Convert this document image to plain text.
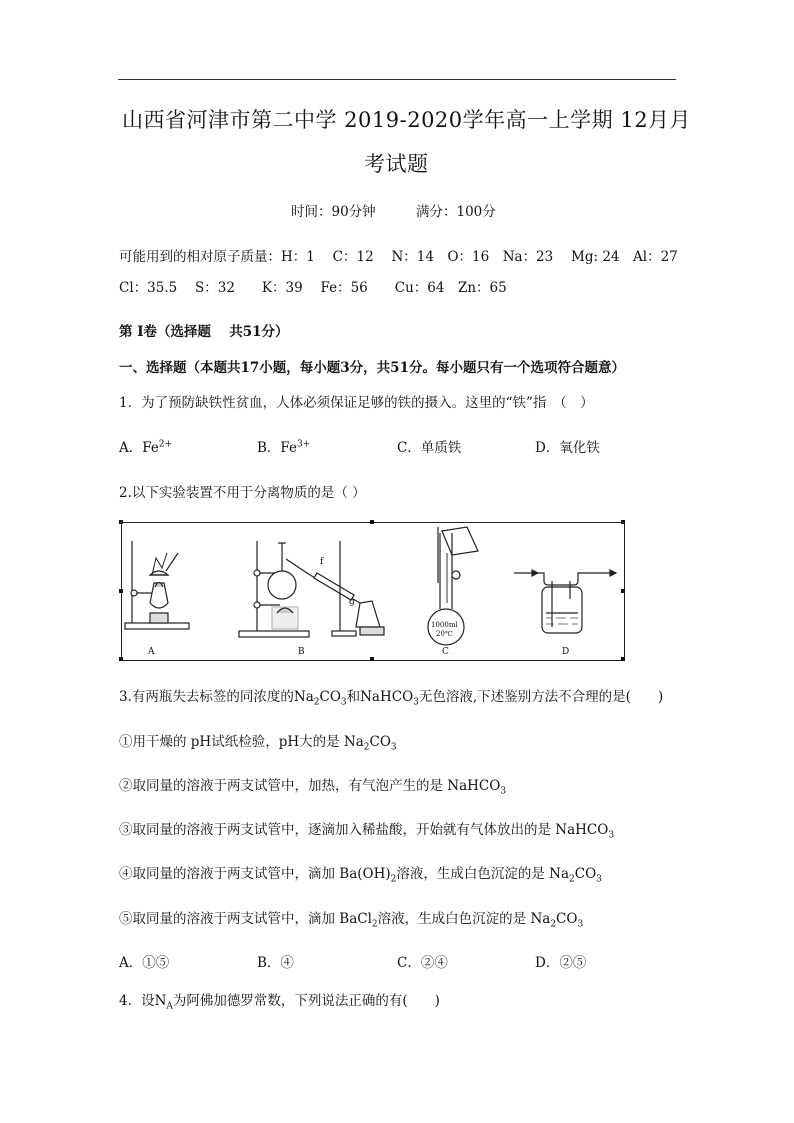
山西省河津市第二中学 2019-2020学年高一上学期 12月月
考试题
时间：90分钟	满分：100分
可能用到的相对原子质量：H：1　 C：12　 N：14　O：16　Na：23　 Mg: 24　Al：27
Cl：35.5　 S：32　　K：39　 Fe：56　　Cu：64　Zn：65
第 I卷（选择题　 共51分）
一、选择题（本题共17小题，每小题3分，共51分。每小题只有一个选项符合题意）
1．为了预防缺铁性贫血，人体必须保证足够的铁的摄入。这里的“铁”指　（　）
A．$Fe^{2+}$	B．$Fe^{3+}$	C．单质铁	D．氧化铁
2.以下实验装置不用于分离物质的是（ ）
A	B	C	D
f
g
1000ml
20℃
3.有两瓶失去标签的同浓度的$Na_2CO_3$和NaHCO$_3$无色溶液,下述鉴别方法不合理的是(　　)
①用干燥的 pH试纸检验，pH大的是 $Na_2CO_3$
②取同量的溶液于两支试管中，加热，有气泡产生的是 NaHCO$_3$
③取同量的溶液于两支试管中，逐滴加入稀盐酸，开始就有气体放出的是 NaHCO$_3$
④取同量的溶液于两支试管中，滴加 $Ba(OH)_2$溶液，生成白色沉淀的是 $Na_2CO_3$
⑤取同量的溶液于两支试管中，滴加 BaCl$_2$溶液，生成白色沉淀的是 $Na_2CO_3$
A．①⑤	B．④	C．②④	D．②⑤
4．设$N_A$为阿佛加德罗常数，下列说法正确的有(　　)
